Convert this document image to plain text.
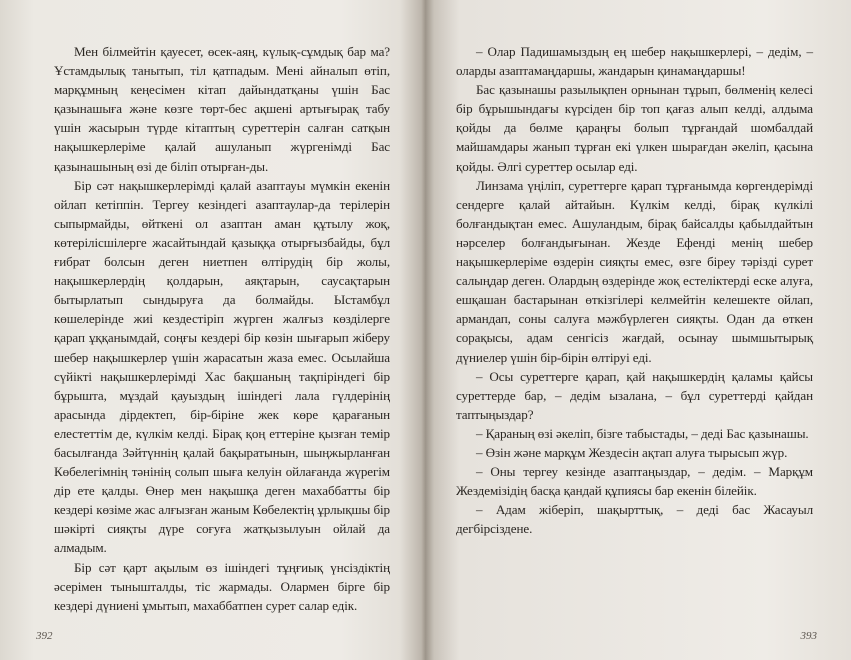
Мен білмейтін қауесет, өсек-аяң, күлық-сұмдық бар ма? Ұстамдылық танытып, тіл қатпадым. Мені айналып өтіп, марқұмның кеңесімен кітап дайындатқаны үшін Бас қазынашыға және көзге төрт-бес ақшені артығырақ табу үшін жасырын түрде кітаптың суреттерін салған сатқын нақышкерлеріме қалай ашуланып жүргенімді Бас қазынашының өзі де біліп отырған-ды.

Бір сәт нақышкерлерімді қалай азаптауы мүмкін екенін ойлап кетіппін. Тергеу кезіндегі азаптаулар-да терілерін сыпырмайды, өйткені ол азаптан аман құтылу жоқ, көтерілісшілерге жасайтындай қазыққа отырғызбайды, бұл ғибрат болсын деген ниетпен өлтірудің бір жолы, нақышкерлердің қолдарын, аяқтарын, саусақтарын бытырлатып сындыруға да болмайды. Ыстамбұл көшелерінде жиі кездестіріп жүрген жалғыз көзділерге қарап ұққанымдай, соңғы кездері бір көзін шығарып жіберу шебер нақышкерлер үшін жарасатын жаза емес. Осылайша сүйікті нақышкерлерімді Хас бақшаның тақпіріндегі бір бұрышта, мұздай қауыздың ішіндегі лала гүлдерінің арасында дірдектеп, бір-біріне жек көре қарағанын елестеттім де, күлкім келді. Бірақ қоң еттеріне қызған темір басылғанда Зәйтүннің қалай бақыратынын, шыңжырланған Көбелегімнің тәнінің солып шыға келуін ойлағанда жүрегім дір ете қалды. Өнер мен нақышқа деген махаббатты бір кездері көзіме жас алғызған жаным Көбелектің ұрлықшы бір шәкірті сияқты дүре соғуға жатқызылуын ойлай да алмадым.

Бір сәт қарт ақылым өз ішіндегі тұңғиық үнсіздіктің әсерімен тынышталды, тіс жармады. Олармен бірге бір кездері дүниені ұмытып, махаббатпен сурет салар едік.

392

– Олар Падишамыздың ең шебер нақышкерлері, – дедім, – оларды азаптамаңдаршы, жандарын қинамаңдаршы!

Бас қазынашы разылықпен орнынан тұрып, бөлменің келесі бір бұрышындағы күрсіден бір топ қағаз алып келді, алдыма қойды да бөлме қараңғы болып тұрғандай шомбалдай майшамдары жанып тұрған екі үлкен шырағдан әкеліп, қасына қойды. Әлгі суреттер осылар еді.

Линзама үңіліп, суреттерге қарап тұрғанымда көргендерімді сендерге қалай айтайын. Күлкім келді, бірақ күлкілі болғандықтан емес. Ашуландым, бірақ байсалды қабылдайтын нәрселер болғандығынан. Жезде Ефенді менің шебер нақышкерлеріме өздерін сияқты емес, өзге біреу тәрізді сурет салыңдар деген. Олардың өздерінде жоқ естеліктерді еске алуға, ешқашан бастарынан өткізгілері келмейтін келешекте ойлап, армандап, соны салуға мәжбүрлеген сияқты. Одан да өткен сорақысы, адам сенгісіз жағдай, осынау шымшытырық дүниелер үшін бір-бірін өлтіруі еді.

– Осы суреттерге қарап, қай нақышкердің қаламы қайсы суреттерде бар, – дедім ызалана, – бұл суреттерді қайдан таптыңыздар?

– Қараның өзі әкеліп, бізге табыстады, – деді Бас қазынашы.

– Өзін және марқұм Жездесін ақтап алуға тырысып жүр.

– Оны тергеу кезінде азаптаңыздар, – дедім. – Марқұм Жездемізідің басқа қандай құпиясы бар екенін білейік.

– Адам жіберіп, шақырттық, – деді бас Жасауыл дегбірсіздене.

393
